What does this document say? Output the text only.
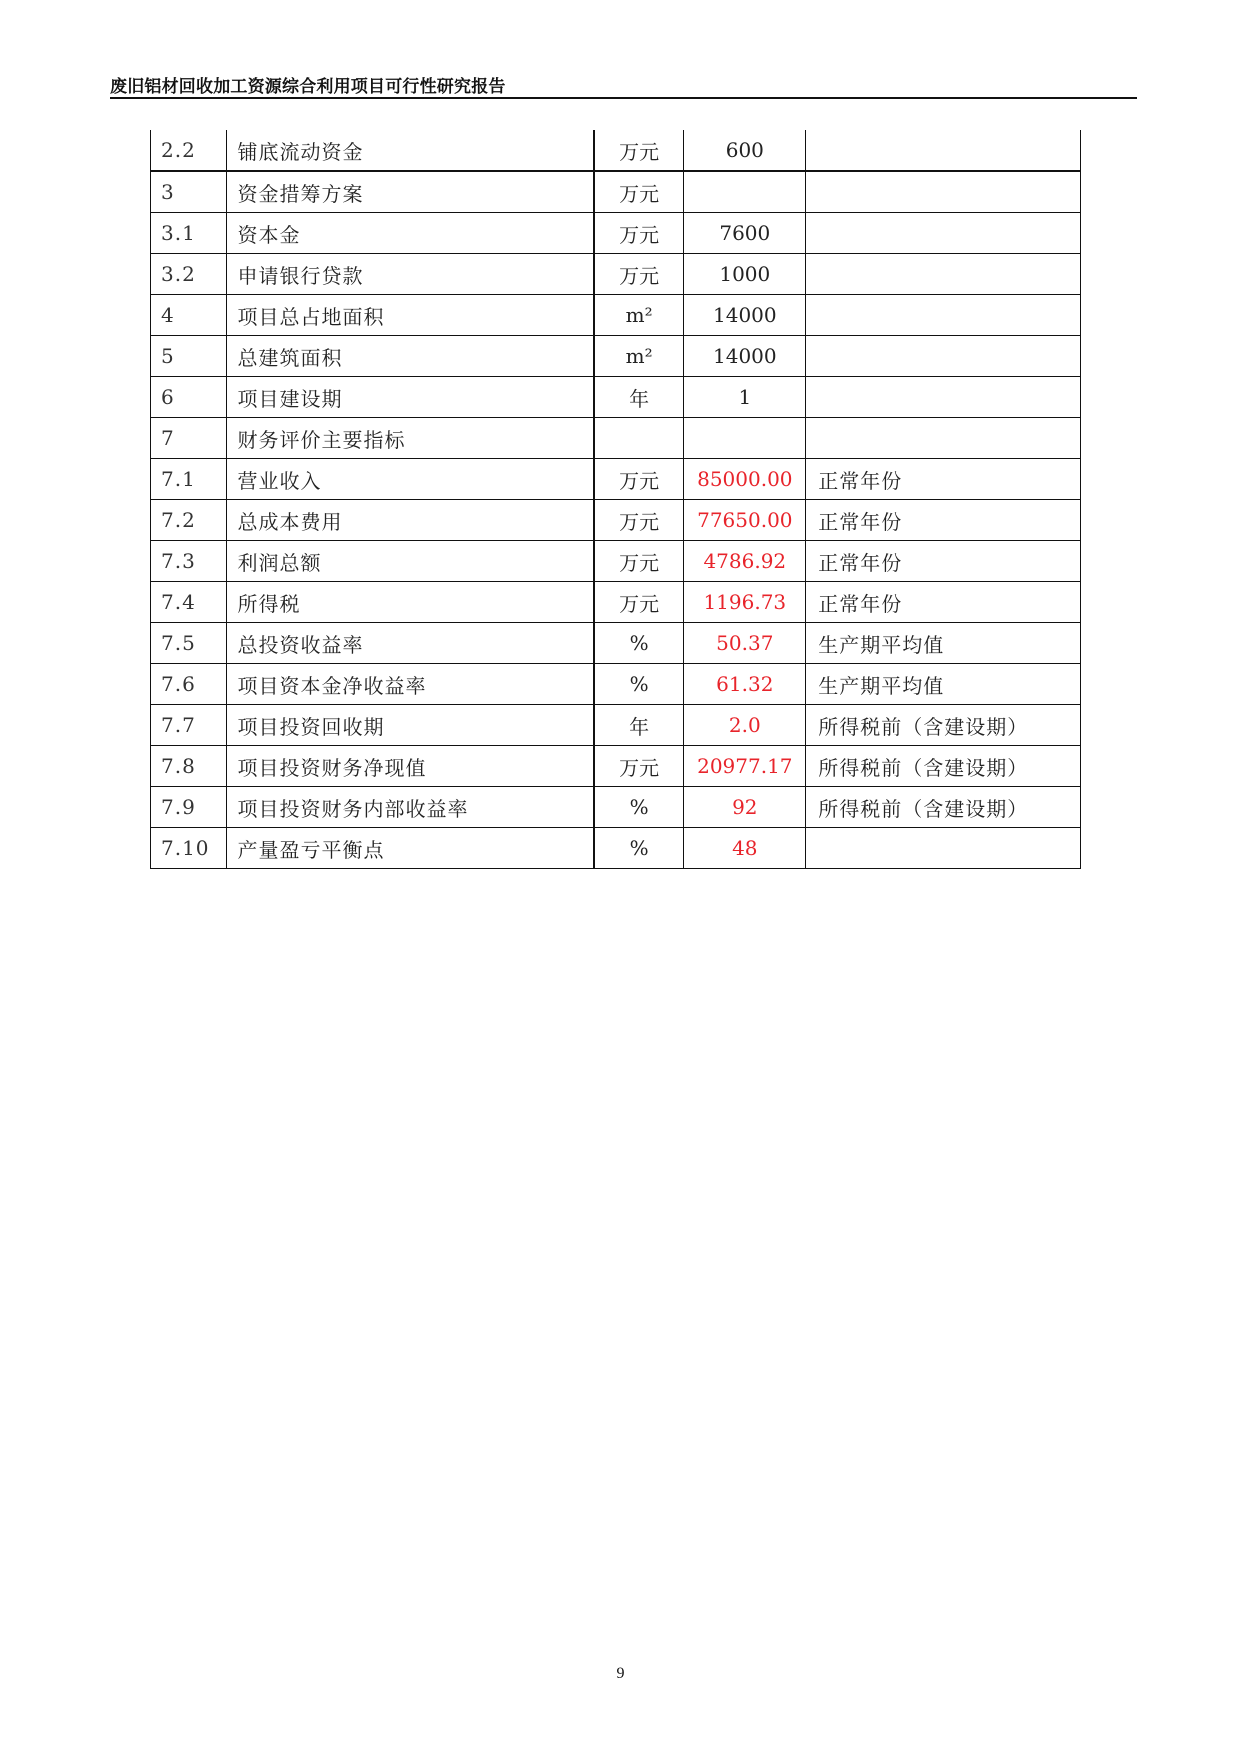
废旧铝材回收加工资源综合利用项目可行性研究报告
2.2	铺底流动资金	万元	600	
3	资金措筹方案	万元		
3.1	资本金	万元	7600	
3.2	申请银行贷款	万元	1000	
4	项目总占地面积	m²	14000	
5	总建筑面积	m²	14000	
6	项目建设期	年	1	
7	财务评价主要指标			
7.1	营业收入	万元	85000.00	正常年份
7.2	总成本费用	万元	77650.00	正常年份
7.3	利润总额	万元	4786.92	正常年份
7.4	所得税	万元	1196.73	正常年份
7.5	总投资收益率	%	50.37	生产期平均值
7.6	项目资本金净收益率	%	61.32	生产期平均值
7.7	项目投资回收期	年	2.0	所得税前（含建设期）
7.8	项目投资财务净现值	万元	20977.17	所得税前（含建设期）
7.9	项目投资财务内部收益率	%	92	所得税前（含建设期）
7.10	产量盈亏平衡点	%	48	
9
